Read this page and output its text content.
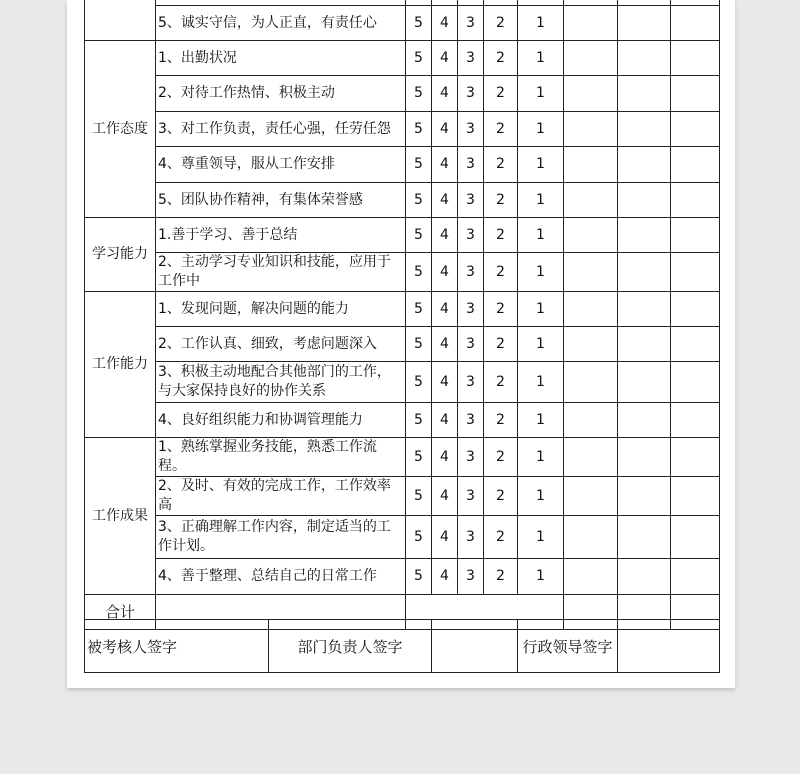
	5、诚实守信，为人正直，有责任心	5	4	3	2	1			
工作态度	1、出勤状况	5	4	3	2	1			
	2、对待工作热情、积极主动	5	4	3	2	1			
	3、对工作负责，责任心强，任劳任怨	5	4	3	2	1			
	4、尊重领导，服从工作安排	5	4	3	2	1			
	5、团队协作精神，有集体荣誉感	5	4	3	2	1			
学习能力	1.善于学习、善于总结	5	4	3	2	1			
	2、主动学习专业知识和技能，应用于工作中	5	4	3	2	1			
工作能力	1、发现问题，解决问题的能力	5	4	3	2	1			
	2、工作认真、细致，考虑问题深入	5	4	3	2	1			
	3、积极主动地配合其他部门的工作，与大家保持良好的协作关系	5	4	3	2	1			
	4、良好组织能力和协调管理能力	5	4	3	2	1			
工作成果	1、熟练掌握业务技能，熟悉工作流程。	5	4	3	2	1			
	2、及时、有效的完成工作，工作效率高	5	4	3	2	1			
	3、正确理解工作内容，制定适当的工作计划。	5	4	3	2	1			
	4、善于整理、总结自己的日常工作	5	4	3	2	1			
合计									
被考核人签字	部门负责人签字		行政领导签字	
